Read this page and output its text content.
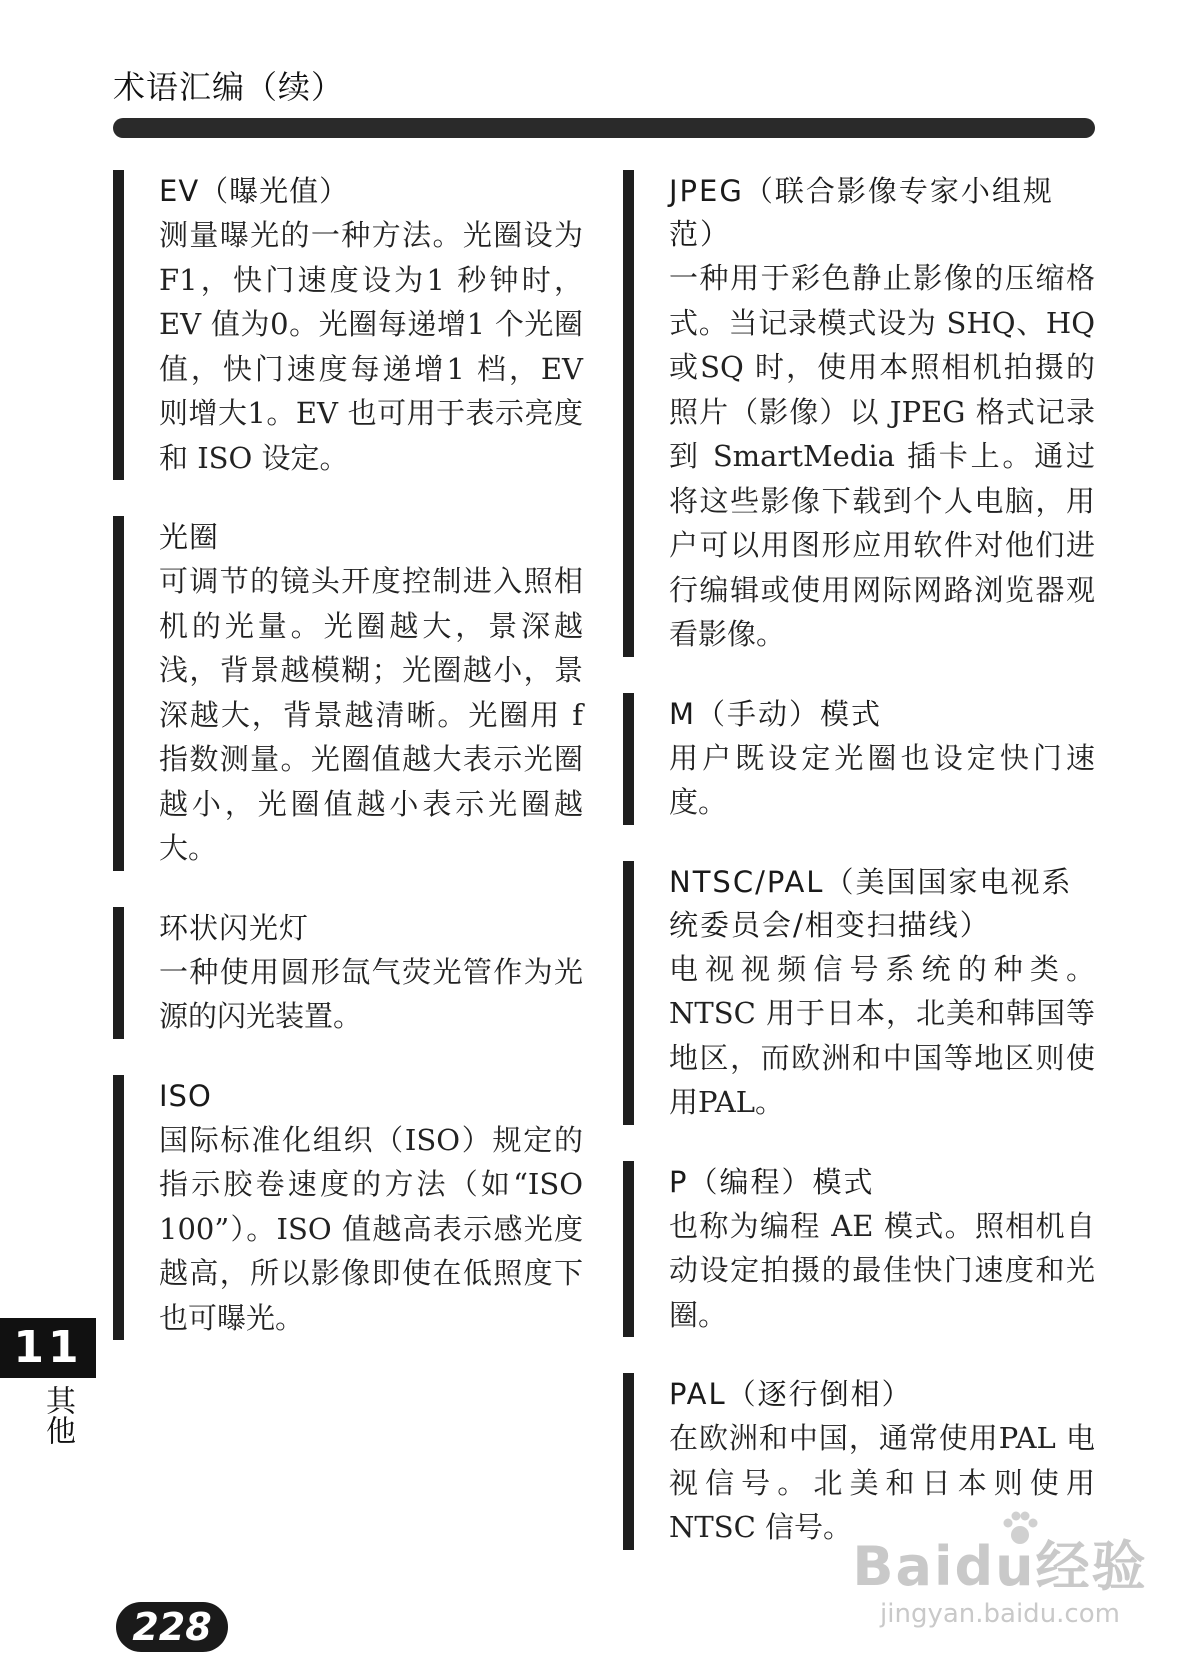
术语汇编（续）

EV（曝光值）

测量曝光的一种方法。光圈设为F1，快门速度设为1 秒钟时，EV 值为0。光圈每递增1 个光圈值，快门速度每递增1 档，EV 则增大1。EV 也可用于表示亮度和 ISO 设定。

光圈

可调节的镜头开度控制进入照相机的光量。光圈越大，景深越浅，背景越模糊；光圈越小，景深越大，背景越清晰。光圈用 f 指数测量。光圈值越大表示光圈越小，光圈值越小表示光圈越大。

环状闪光灯

一种使用圆形氙气荧光管作为光源的闪光装置。

ISO

国际标准化组织（ISO）规定的指示胶卷速度的方法（如“ISO 100”）。ISO 值越高表示感光度越高，所以影像即使在低照度下也可曝光。

JPEG（联合影像专家小组规范）

一种用于彩色静止影像的压缩格式。当记录模式设为 SHQ、HQ 或SQ 时，使用本照相机拍摄的照片（影像）以 JPEG 格式记录到 SmartMedia 插卡上。通过将这些影像下载到个人电脑，用户可以用图形应用软件对他们进行编辑或使用网际网路浏览器观看影像。

M（手动）模式

用户既设定光圈也设定快门速度。

NTSC/PAL（美国国家电视系统委员会/相变扫描线）

电视视频信号系统的种类。NTSC 用于日本，北美和韩国等地区，而欧洲和中国等地区则使用PAL。

P（编程）模式

也称为编程 AE 模式。照相机自动设定拍摄的最佳快门速度和光圈。

PAL（逐行倒相）

在欧洲和中国，通常使用PAL 电视信号。北美和日本则使用NTSC 信号。

11
其他
228
Baidu经验
jingyan.baidu.com
